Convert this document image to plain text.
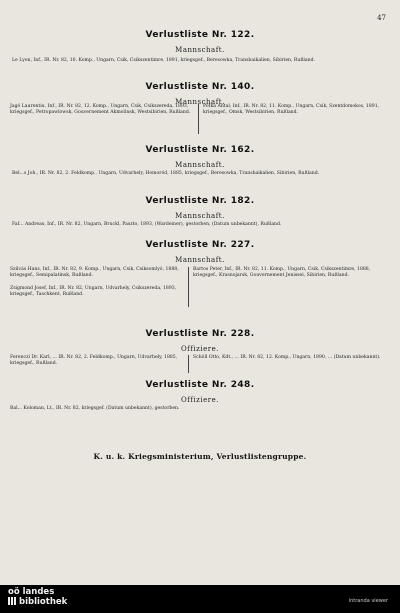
47
Verlustliste Nr. 122.
Mannschaft.
Le Lyon, Inf., IR. Nr. 82, 10. Komp., Ungarn, Csik, Csikszentimre, 1891, kriegsgef., Beresowka, Transbaikalien, Sibirien, Rußland.
Verlustliste Nr. 140.
Mannschaft.
Jagó Laurentiu, Inf., IR. Nr. 82, 12. Komp., Ungarn, Csik, Csikszereda, 1893, kriegsgef., Petropawlowsk, Gouvernement Akmolinsk, Westsibirien, Rußland.
Potka Antal, Inf., IR. Nr. 82, 11. Komp., Ungarn, Csik, Szentdomokos, 1891, kriegsgef., Omsk, Westsibirien, Rußland.
Verlustliste Nr. 162.
Mannschaft.
Bel...s Joh., IR. Nr. 82, 2. Feldkomp., Ungarn, Udvarhely, Homoród, 1885, kriegsgef., Beresowka, Transbaikalien, Sibirien, Rußland.
Verlustliste Nr. 182.
Mannschaft.
Faf... Andreas, Inf., IR. Nr. 82, Ungarn, Bruckl, Paszto, 1893, (Wardeiner), gestorben, (Datum unbekannt), Rußland.
Verlustliste Nr. 227.
Mannschaft.
Szilvás Hans, Inf., IR. Nr. 82, 9. Komp., Ungarn, Csik, Csiksomlyó, 1888, kriegsgef., Semipalatinsk, Rußland.
Zsigmond Josef, Inf., IR. Nr. 82, Ungarn, Udvarhely, Csikszereda, 1893, kriegsgef., Taschkent, Rußland.
Bartos Peter, Inf., IR. Nr. 82, 11. Komp., Ungarn, Csik, Csikszentimre, 1888, kriegsgef., Krasnojarsk, Gouvernement Jenissei, Sibirien, Rußland.
Verlustliste Nr. 228.
Offiziere.
Ferenczi Dr. Karl, ... IR. Nr. 82, 2. Feldkomp., Ungarn, Udvarhely, 1885, kriegsgef., Rußland.
Schöll Otto, Kdt., ... IR. Nr. 82, 12. Komp., Ungarn, 1890, ... (Datum unbekannt).
Verlustliste Nr. 248.
Offiziere.
Bal... Koloman, Lt., IR. Nr. 82, kriegsgef. (Datum unbekannt), gestorben.
K. u. k. Kriegsministerium, Verlustlistengruppe.
oö landes
bibliothek	intranda viewer
